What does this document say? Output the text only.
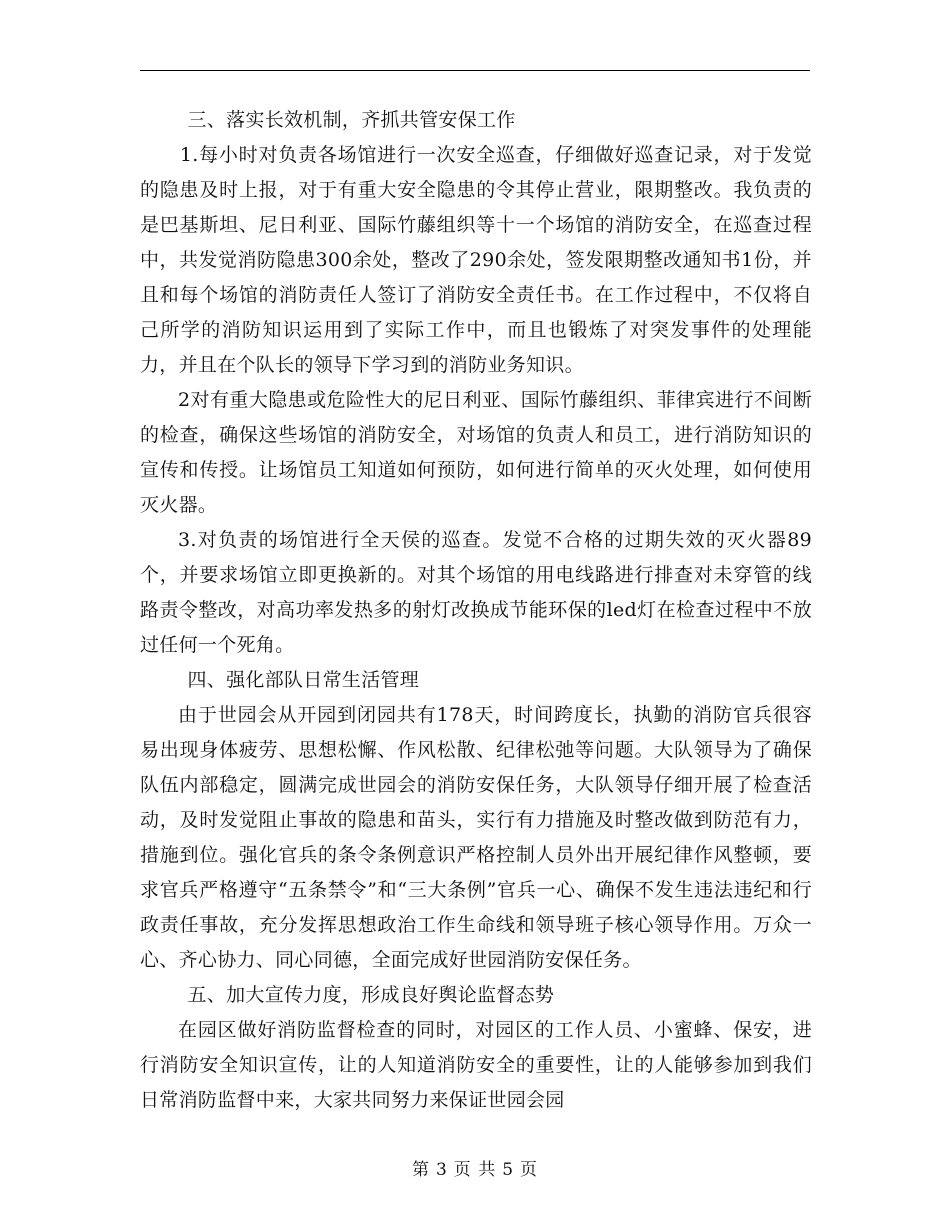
三、落实长效机制，齐抓共管安保工作

1.每小时对负责各场馆进行一次安全巡查，仔细做好巡查记录，对于发觉的隐患及时上报，对于有重大安全隐患的令其停止营业，限期整改。我负责的是巴基斯坦、尼日利亚、国际竹藤组织等十一个场馆的消防安全，在巡查过程中，共发觉消防隐患300余处，整改了290余处，签发限期整改通知书1份，并且和每个场馆的消防责任人签订了消防安全责任书。在工作过程中，不仅将自己所学的消防知识运用到了实际工作中，而且也锻炼了对突发事件的处理能力，并且在个队长的领导下学习到的消防业务知识。

2对有重大隐患或危险性大的尼日利亚、国际竹藤组织、菲律宾进行不间断的检查，确保这些场馆的消防安全，对场馆的负责人和员工，进行消防知识的宣传和传授。让场馆员工知道如何预防，如何进行简单的灭火处理，如何使用灭火器。

3.对负责的场馆进行全天侯的巡查。发觉不合格的过期失效的灭火器89个，并要求场馆立即更换新的。对其个场馆的用电线路进行排查对未穿管的线路责令整改，对高功率发热多的射灯改换成节能环保的led灯在检查过程中不放过任何一个死角。

四、强化部队日常生活管理

由于世园会从开园到闭园共有178天，时间跨度长，执勤的消防官兵很容易出现身体疲劳、思想松懈、作风松散、纪律松弛等问题。大队领导为了确保队伍内部稳定，圆满完成世园会的消防安保任务，大队领导仔细开展了检查活动，及时发觉阻止事故的隐患和苗头，实行有力措施及时整改做到防范有力，措施到位。强化官兵的条令条例意识严格控制人员外出开展纪律作风整顿，要求官兵严格遵守“五条禁令”和“三大条例”官兵一心、确保不发生违法违纪和行政责任事故，充分发挥思想政治工作生命线和领导班子核心领导作用。万众一心、齐心协力、同心同德，全面完成好世园消防安保任务。

五、加大宣传力度，形成良好舆论监督态势

在园区做好消防监督检查的同时，对园区的工作人员、小蜜蜂、保安，进行消防安全知识宣传，让的人知道消防安全的重要性，让的人能够参加到我们日常消防监督中来，大家共同努力来保证世园会园

第 3 页 共 5 页
